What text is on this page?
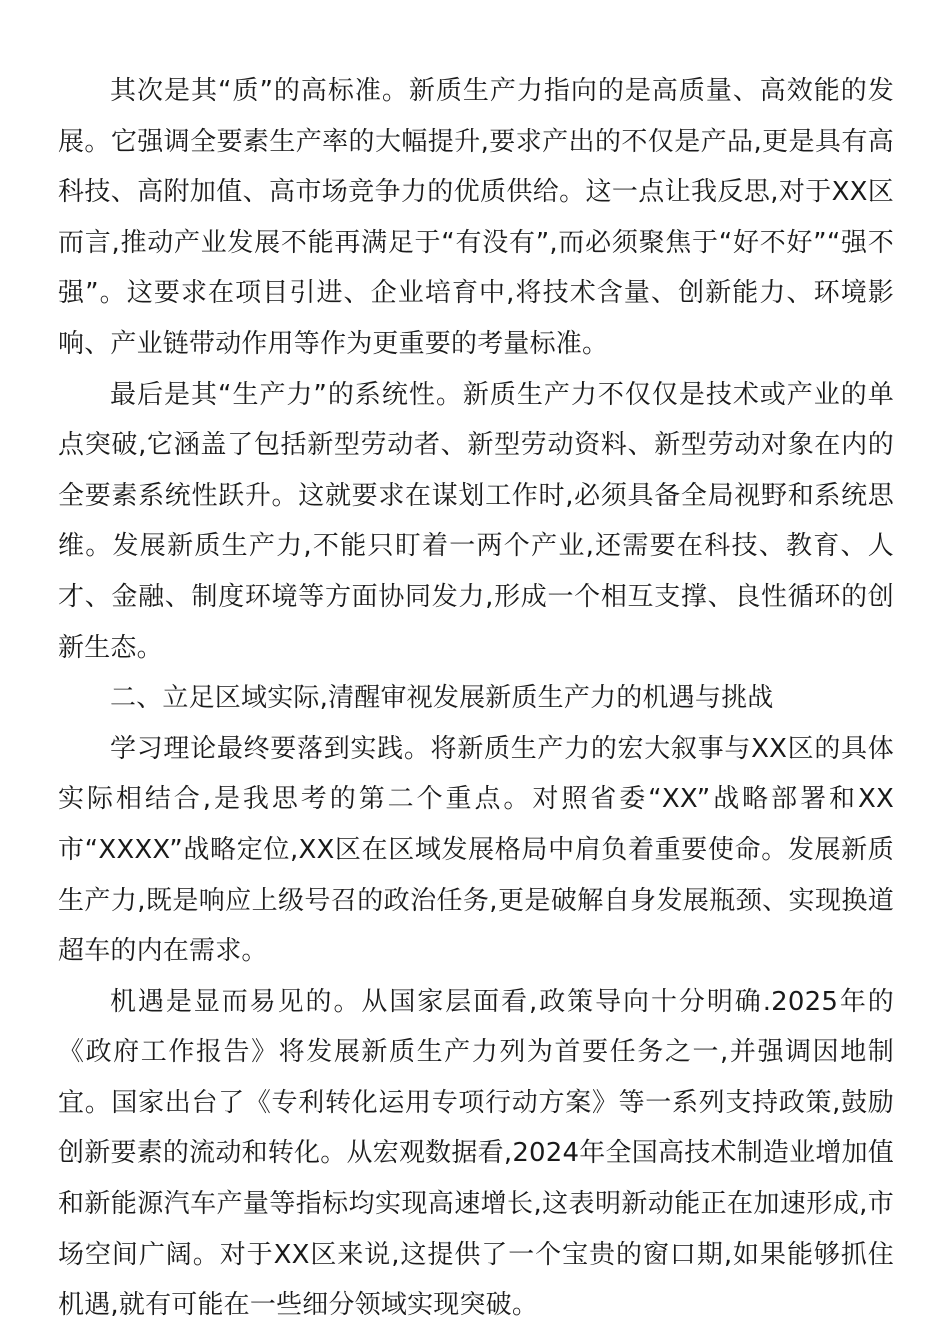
其次是其“质”的高标准。新质生产力指向的是高质量、高效能的发展。它强调全要素生产率的大幅提升,要求产出的不仅是产品,更是具有高科技、高附加值、高市场竞争力的优质供给。这一点让我反思,对于XX区而言,推动产业发展不能再满足于“有没有”,而必须聚焦于“好不好”“强不强”。这要求在项目引进、企业培育中,将技术含量、创新能力、环境影响、产业链带动作用等作为更重要的考量标准。

最后是其“生产力”的系统性。新质生产力不仅仅是技术或产业的单点突破,它涵盖了包括新型劳动者、新型劳动资料、新型劳动对象在内的全要素系统性跃升。这就要求在谋划工作时,必须具备全局视野和系统思维。发展新质生产力,不能只盯着一两个产业,还需要在科技、教育、人才、金融、制度环境等方面协同发力,形成一个相互支撑、良性循环的创新生态。

二、立足区域实际,清醒审视发展新质生产力的机遇与挑战

学习理论最终要落到实践。将新质生产力的宏大叙事与XX区的具体实际相结合,是我思考的第二个重点。对照省委“XX”战略部署和XX市“XXXX”战略定位,XX区在区域发展格局中肩负着重要使命。发展新质生产力,既是响应上级号召的政治任务,更是破解自身发展瓶颈、实现换道超车的内在需求。

机遇是显而易见的。从国家层面看,政策导向十分明确.2025年的《政府工作报告》将发展新质生产力列为首要任务之一,并强调因地制宜。国家出台了《专利转化运用专项行动方案》等一系列支持政策,鼓励创新要素的流动和转化。从宏观数据看,2024年全国高技术制造业增加值和新能源汽车产量等指标均实现高速增长,这表明新动能正在加速形成,市场空间广阔。对于XX区来说,这提供了一个宝贵的窗口期,如果能够抓住机遇,就有可能在一些细分领域实现突破。
